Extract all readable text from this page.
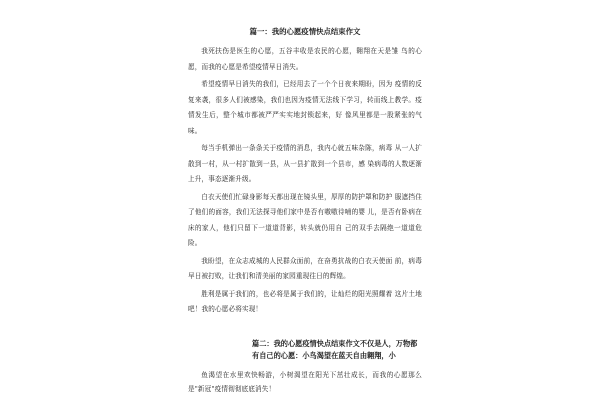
篇一：我的心愿疫情快点结束作文

我死扶伤是医生的心愿，五谷丰收是农民的心愿，翱翔在天是雏 鸟的心愿，而我的心愿是希望疫情早日消失。

希望疫情早日消失的我们，已经用去了一个个日夜来期盼，因为 疫情的反复来袭，很多人们被感染，我们也因为疫情无法线下学习，转而线上教学。疫情发生后，整个城市都被严严实实地封锁起来，好 像风里都是一股紧张的气味。

每当手机弹出一条条关于疫情的消息，我内心就五味杂陈，病毒 从一人扩散到一村，从一村扩散到一县，从一县扩散到一个县市，感 染病毒的人数逐渐上升，事态逐渐升级。

白衣天使们忙碌身影每天都出现在镜头里，厚厚的防护罩和防护 服遮挡住了他们的面容，我们无法探寻他们家中是否有嗷嗷待哺的婴 儿，是否有卧病在床的家人，他们只留下一道道背影，转头就仍用自 己的双手去隔绝一道道危险。

我盼望，在众志成城的人民群众面前，在奋勇抗战的白衣天使面 前，病毒早日被打败，让我们和清美丽的家园重现往日的辉煌。

胜利是属于我们的，也必将是属于我们的，让灿烂的阳光照耀着 这片土地吧！我的心愿必将实现！

篇二：我的心愿疫情快点结束作文不仅是人，万物都有自己的心愿：小鸟渴望在蓝天自由翱翔，小

鱼渴望在水里欢快畅游，小树渴望在阳光下茁壮成长，而我的心愿那么是"新冠"疫情彻彻底底消失！
